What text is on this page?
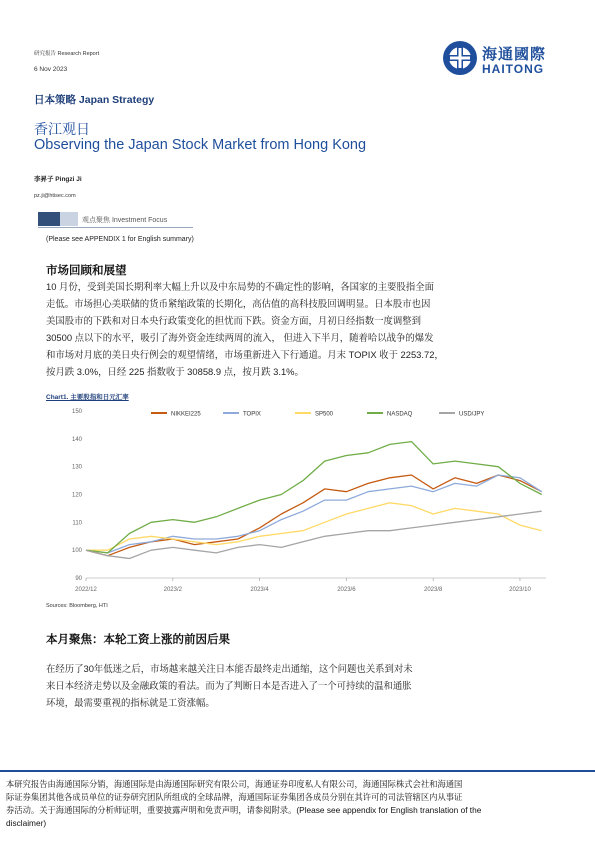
研究报告 Research Report
6 Nov 2023
海通國際
HAITONG
日本策略 Japan Strategy
香江观日
Observing the Japan Stock Market from Hong Kong
李昇子 Pingzi Ji
pz.ji@htisec.com
观点聚焦 Investment Focus
(Please see APPENDIX 1 for English summary)
市场回顾和展望
10 月份，受到美国长期利率大幅上升以及中东局势的不确定性的影响，各国家的主要股指全面
走低。市场担心美联储的货币紧缩政策的长期化，高估值的高科技股回调明显。日本股市也因
美国股市的下跌和对日本央行政策变化的担忧而下跌。资金方面，月初日经指数一度调整到
30500 点以下的水平，吸引了海外资金连续两周的流入， 但进入下半月，随着哈以战争的爆发
和市场对月底的美日央行例会的观望情绪，市场重新进入下行通道。月末 TOPIX 收于 2253.72，
按月跌 3.0%，日经 225 指数收于 30858.9 点，按月跌 3.1%。
Chart1. 主要股指和日元汇率
NIKKEI225	TOPIX	SP500	NASDAQ	USD/JPY
90
100
110
120
130
140
150
2022/12	2023/2	2023/4	2023/6	2023/8	2023/10
Sources: Bloomberg, HTI
本月聚焦：本轮工资上涨的前因后果
在经历了30年低迷之后，市场越来越关注日本能否最终走出通缩，这个问题也关系到对未
来日本经济走势以及金融政策的看法。而为了判断日本是否进入了一个可持续的温和通胀
环境，最需要重视的指标就是工资涨幅。
本研究报告由海通国际分销，海通国际是由海通国际研究有限公司，海通证券印度私人有限公司，海通国际株式会社和海通国
际证券集团其他各成员单位的证券研究团队所组成的全球品牌，海通国际证券集团各成员分别在其许可的司法管辖区内从事证
券活动。关于海通国际的分析师证明，重要披露声明和免责声明，请参阅附录。(Please see appendix for English translation of the
disclaimer)
